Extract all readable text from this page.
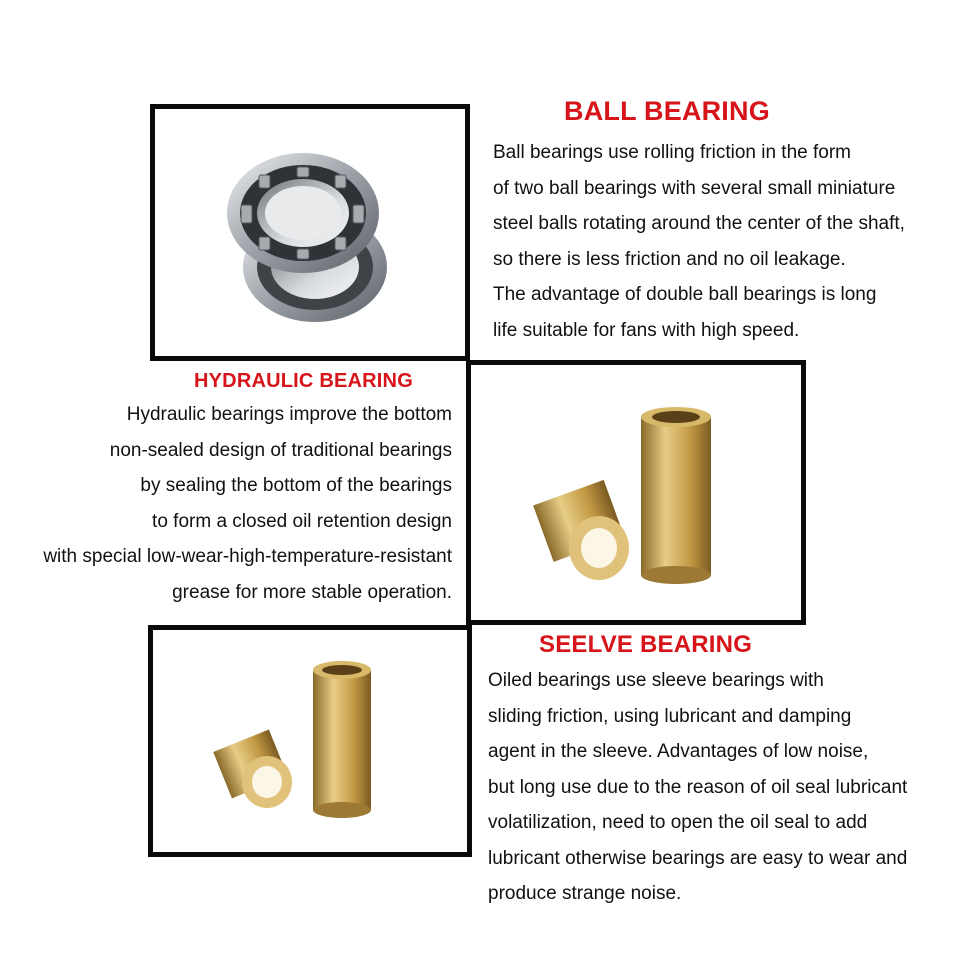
BALL BEARING
HYDRAULIC BEARING
SEELVE BEARING
Ball bearings use rolling friction in the form
of two ball bearings with several small miniature
steel balls rotating around the center of the shaft,
so there is less friction and no oil leakage.
The advantage of double ball bearings is long
life suitable for fans with high speed.
Hydraulic bearings improve the bottom
non-sealed design of traditional bearings
by sealing the bottom of the bearings
to form a closed oil retention design
with special low-wear-high-temperature-resistant
grease for more stable operation.
Oiled bearings use sleeve bearings with
sliding friction, using lubricant and damping
agent in the sleeve. Advantages of low noise,
but long use due to the reason of oil seal lubricant
volatilization, need to open the oil seal to add
lubricant otherwise bearings are easy to wear and
produce strange noise.
